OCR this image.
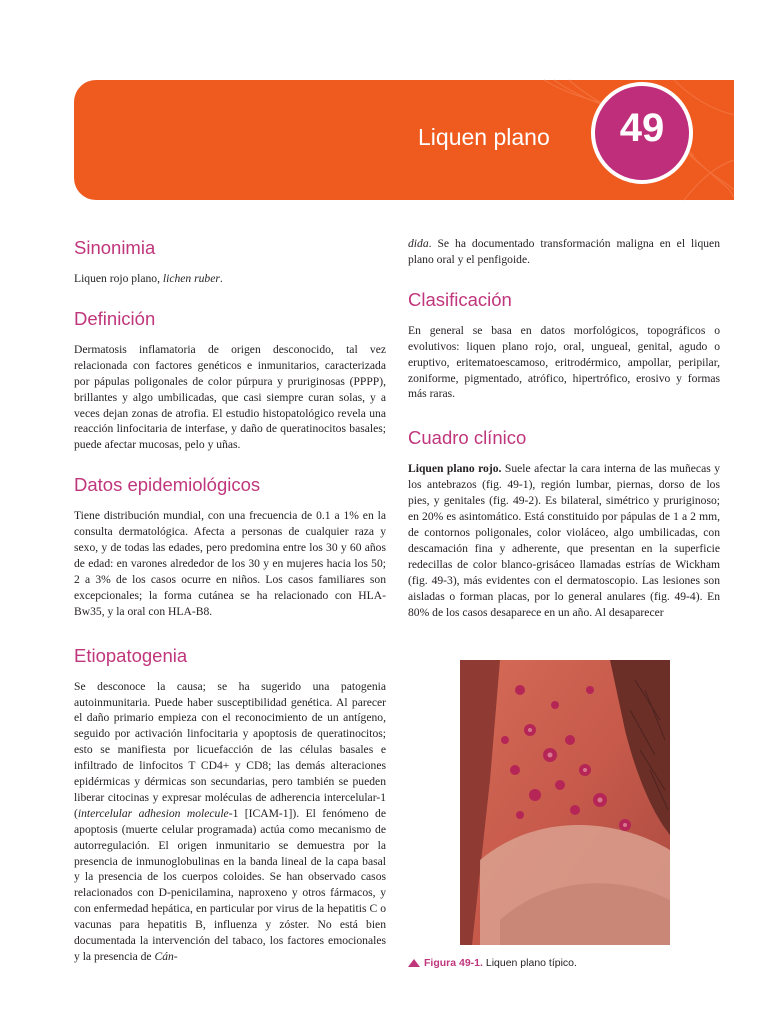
Liquen plano	49
CAPÍTULO
Sinonimia

Liquen rojo plano, lichen ruber.

Definición

Dermatosis inflamatoria de origen desconocido, tal vez relacionada con factores genéticos e inmunitarios, caracterizada por pápulas poligonales de color púrpura y pruriginosas (PPPP), brillantes y algo umbilicadas, que casi siempre curan solas, y a veces dejan zonas de atrofia. El estudio histopatológico revela una reacción linfocitaria de interfase, y daño de queratinocitos basales; puede afectar mucosas, pelo y uñas.

Datos epidemiológicos

Tiene distribución mundial, con una frecuencia de 0.1 a 1% en la consulta dermatológica. Afecta a personas de cualquier raza y sexo, y de todas las edades, pero predomina entre los 30 y 60 años de edad: en varones alrededor de los 30 y en mujeres hacia los 50; 2 a 3% de los casos ocurre en niños. Los casos familiares son excepcionales; la forma cutánea se ha relacionado con HLA-Bw35, y la oral con HLA-B8.

Etiopatogenia

Se desconoce la causa; se ha sugerido una patogenia autoinmunitaria. Puede haber susceptibilidad genética. Al parecer el daño primario empieza con el reconocimiento de un antígeno, seguido por activación linfocitaria y apoptosis de queratinocitos; esto se manifiesta por licuefacción de las células basales e infiltrado de linfocitos T CD4+ y CD8; las demás alteraciones epidérmicas y dérmicas son secundarias, pero también se pueden liberar citocinas y expresar moléculas de adherencia intercelular-1 (intercelular adhesion molecule-1 [ICAM-1]). El fenómeno de apoptosis (muerte celular programada) actúa como mecanismo de autorregulación. El origen inmunitario se demuestra por la presencia de inmunoglobulinas en la banda lineal de la capa basal y la presencia de los cuerpos coloides. Se han observado casos relacionados con D-penicilamina, naproxeno y otros fármacos, y con enfermedad hepática, en particular por virus de la hepatitis C o vacunas para hepatitis B, influenza y zóster. No está bien documentada la intervención del tabaco, los factores emocionales y la presencia de Cán-

dida. Se ha documentado transformación maligna en el liquen plano oral y el penfigoide.

Clasificación

En general se basa en datos morfológicos, topográficos o evolutivos: liquen plano rojo, oral, ungueal, genital, agudo o eruptivo, eritematoescamoso, eritrodérmico, ampollar, peripilar, zoniforme, pigmentado, atrófico, hipertrófico, erosivo y formas más raras.

Cuadro clínico

Liquen plano rojo. Suele afectar la cara interna de las muñecas y los antebrazos (fig. 49-1), región lumbar, piernas, dorso de los pies, y genitales (fig. 49-2). Es bilateral, simétrico y pruriginoso; en 20% es asintomático. Está constituido por pápulas de 1 a 2 mm, de contornos poligonales, color violáceo, algo umbilicadas, con descamación fina y adherente, que presentan en la superficie redecillas de color blanco-grisáceo llamadas estrías de Wickham (fig. 49-3), más evidentes con el dermatoscopio. Las lesiones son aisladas o forman placas, por lo general anulares (fig. 49-4). En 80% de los casos desaparece en un año. Al desaparecer

Figura 49-1. Liquen plano típico.
